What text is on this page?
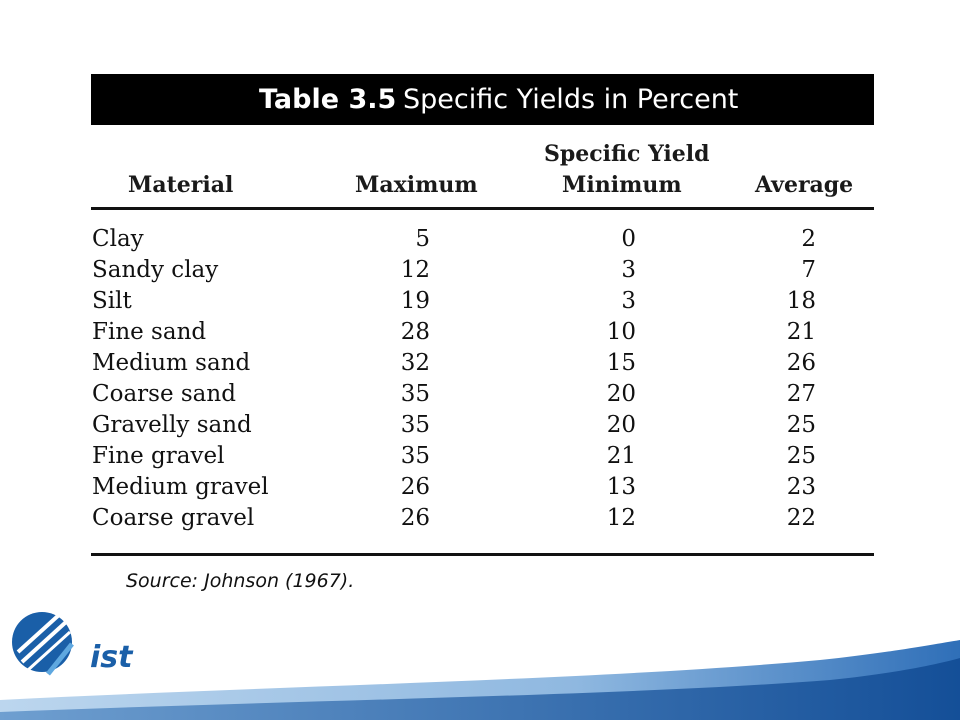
ist
Table 3.5 Specific Yields in Percent
Specific Yield
Material	Maximum	Minimum	Average
Clay	5	0	2
Sandy clay	12	3	7
Silt	19	3	18
Fine sand	28	10	21
Medium sand	32	15	26
Coarse sand	35	20	27
Gravelly sand	35	20	25
Fine gravel	35	21	25
Medium gravel	26	13	23
Coarse gravel	26	12	22
Source: Johnson (1967).
